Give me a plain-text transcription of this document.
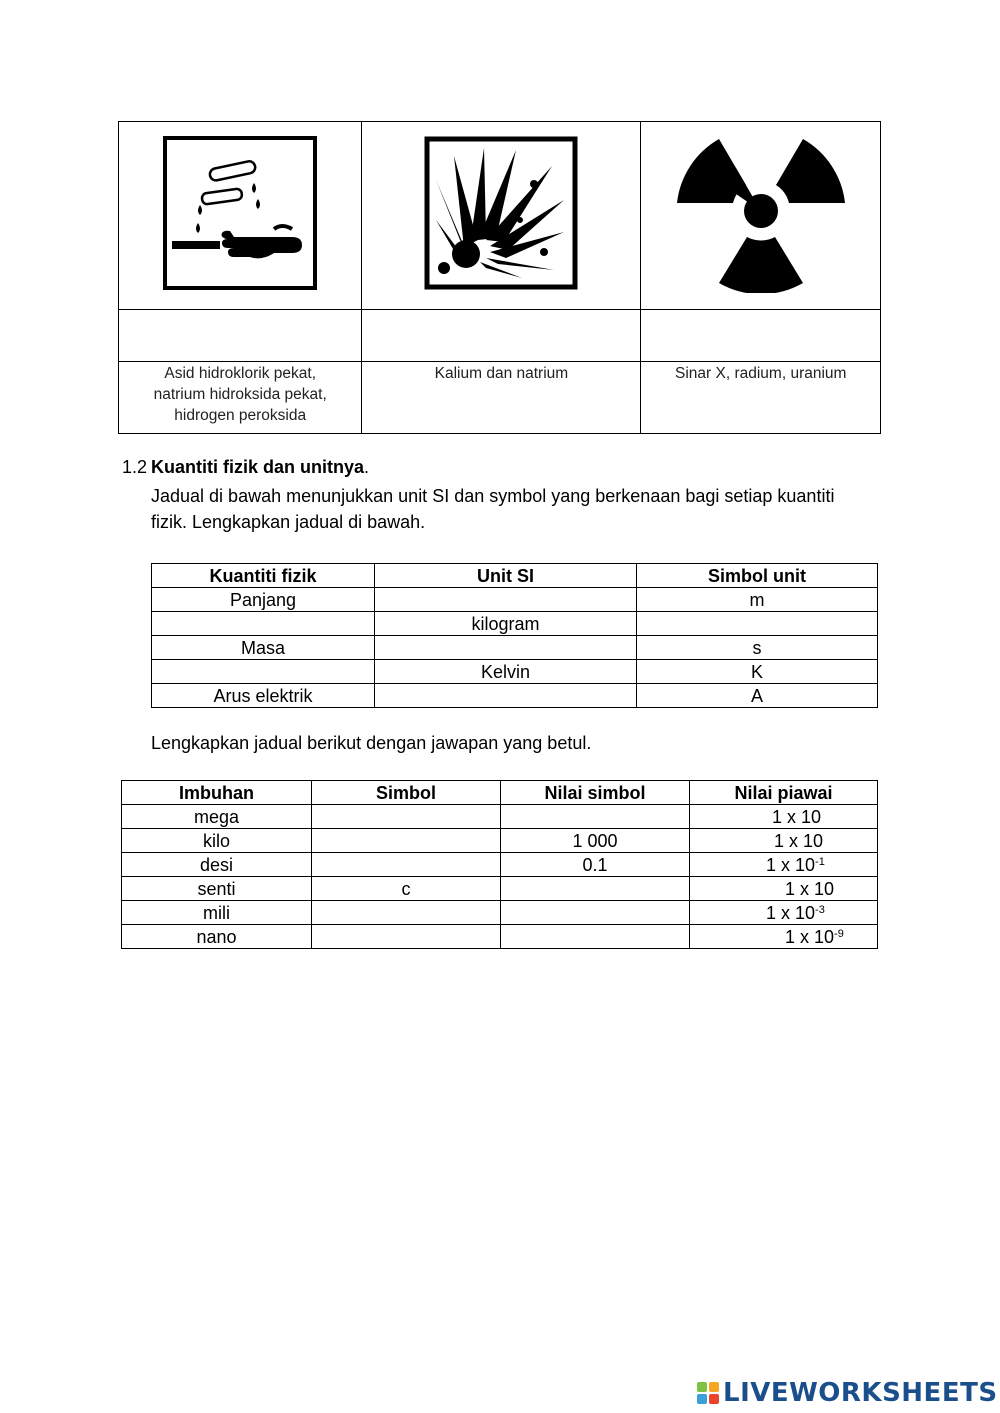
Asid hidroklorik pekat, natrium hidroksida pekat, hidrogen peroksida	Kalium dan natrium	Sinar X, radium, uranium
1.2 Kuantiti fizik dan unitnya.
Jadual di bawah menunjukkan unit SI dan symbol yang berkenaan bagi setiap kuantiti fizik. Lengkapkan jadual di bawah.
Kuantiti fizik	Unit SI	Simbol unit
Panjang		m
	kilogram	
Masa		s
	Kelvin	K
Arus elektrik		A
Lengkapkan jadual berikut dengan jawapan yang betul.
Imbuhan	Simbol	Nilai simbol	Nilai piawai
mega			1 x 10
kilo		1 000	1 x 10
desi		0.1	1 x $10^{-1}$
senti	c		1 x 10
mili			1 x $10^{-3}$
nano			1 x $10^{-9}$
LIVEWORKSHEETS
